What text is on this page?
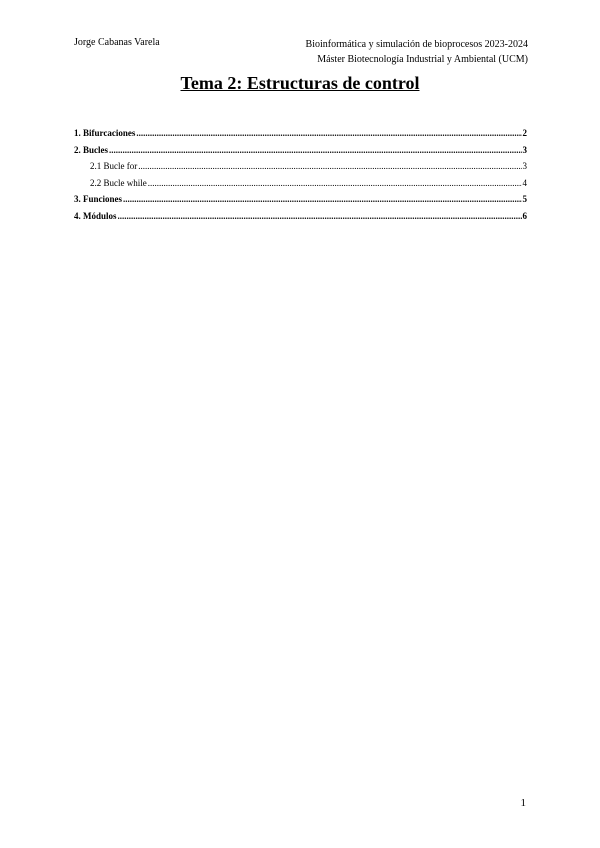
Jorge Cabanas Varela	Bioinformática y simulación de bioprocesos 2023-2024
Máster Biotecnología Industrial y Ambiental (UCM)
Tema 2: Estructuras de control
1. Bifurcaciones .....	2
2. Bucles .....	3
2.1 Bucle for .....	3
2.2 Bucle while .....	4
3. Funciones .....	5
4. Módulos .....	6
1
